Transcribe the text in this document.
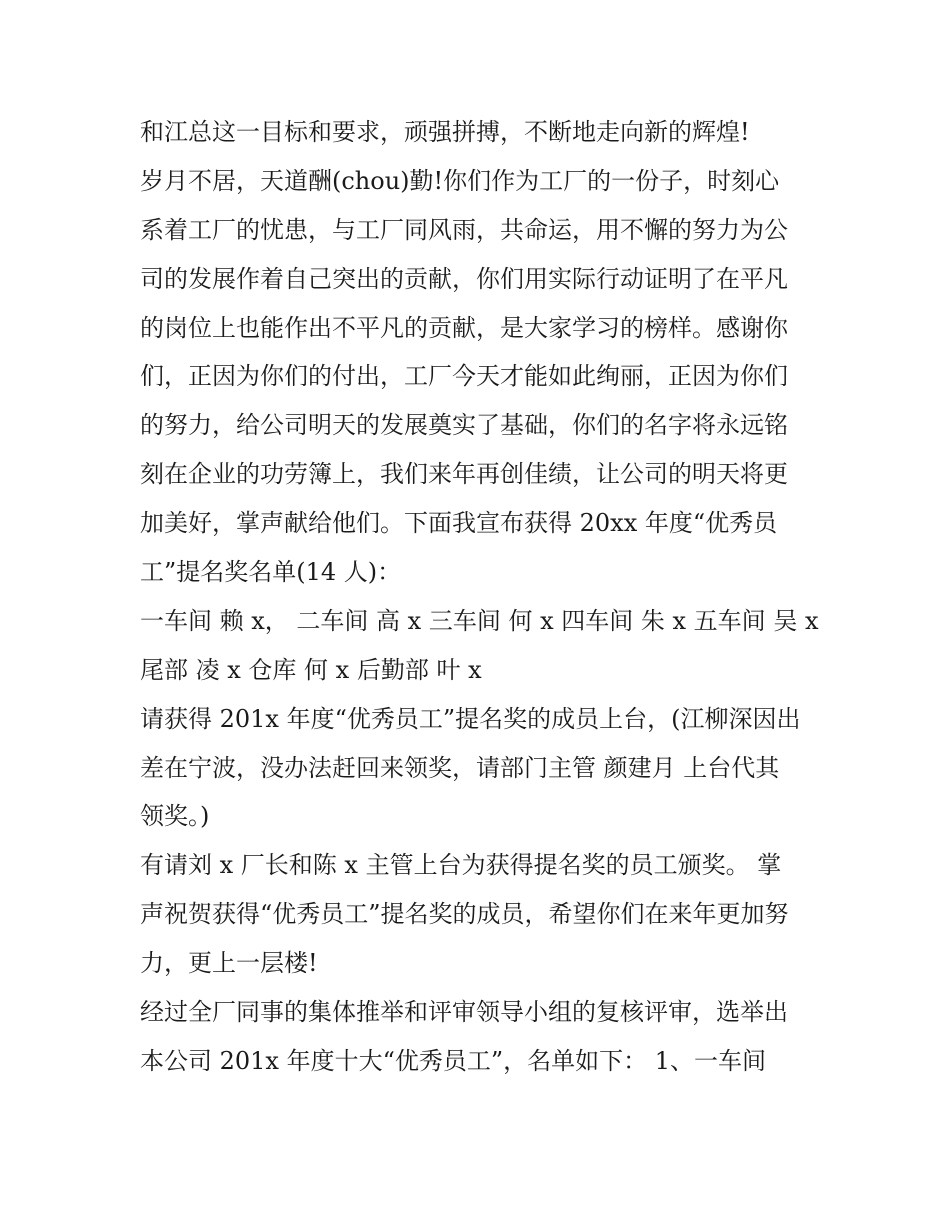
和江总这一目标和要求，顽强拼搏，不断地走向新的辉煌!
岁月不居，天道酬(chou)勤!你们作为工厂的一份子，时刻心
系着工厂的忧患，与工厂同风雨，共命运，用不懈的努力为公
司的发展作着自己突出的贡献，你们用实际行动证明了在平凡
的岗位上也能作出不平凡的贡献，是大家学习的榜样。感谢你
们，正因为你们的付出，工厂今天才能如此绚丽，正因为你们
的努力，给公司明天的发展奠实了基础，你们的名字将永远铭
刻在企业的功劳簿上，我们来年再创佳绩，让公司的明天将更
加美好，掌声献给他们。下面我宣布获得 20xx 年度“优秀员
工”提名奖名单(14 人)：
一车间 赖 x， 二车间 高 x 三车间 何 x 四车间 朱 x 五车间 吴 x
尾部 凌 x 仓库 何 x 后勤部 叶 x
请获得 201x 年度“优秀员工”提名奖的成员上台，(江柳深因出
差在宁波，没办法赶回来领奖，请部门主管 颜建月 上台代其
领奖。)
有请刘 x 厂长和陈 x 主管上台为获得提名奖的员工颁奖。 掌
声祝贺获得“优秀员工”提名奖的成员，希望你们在来年更加努
力，更上一层楼!
经过全厂同事的集体推举和评审领导小组的复核评审，选举出
本公司 201x 年度十大“优秀员工”，名单如下： 1、一车间
